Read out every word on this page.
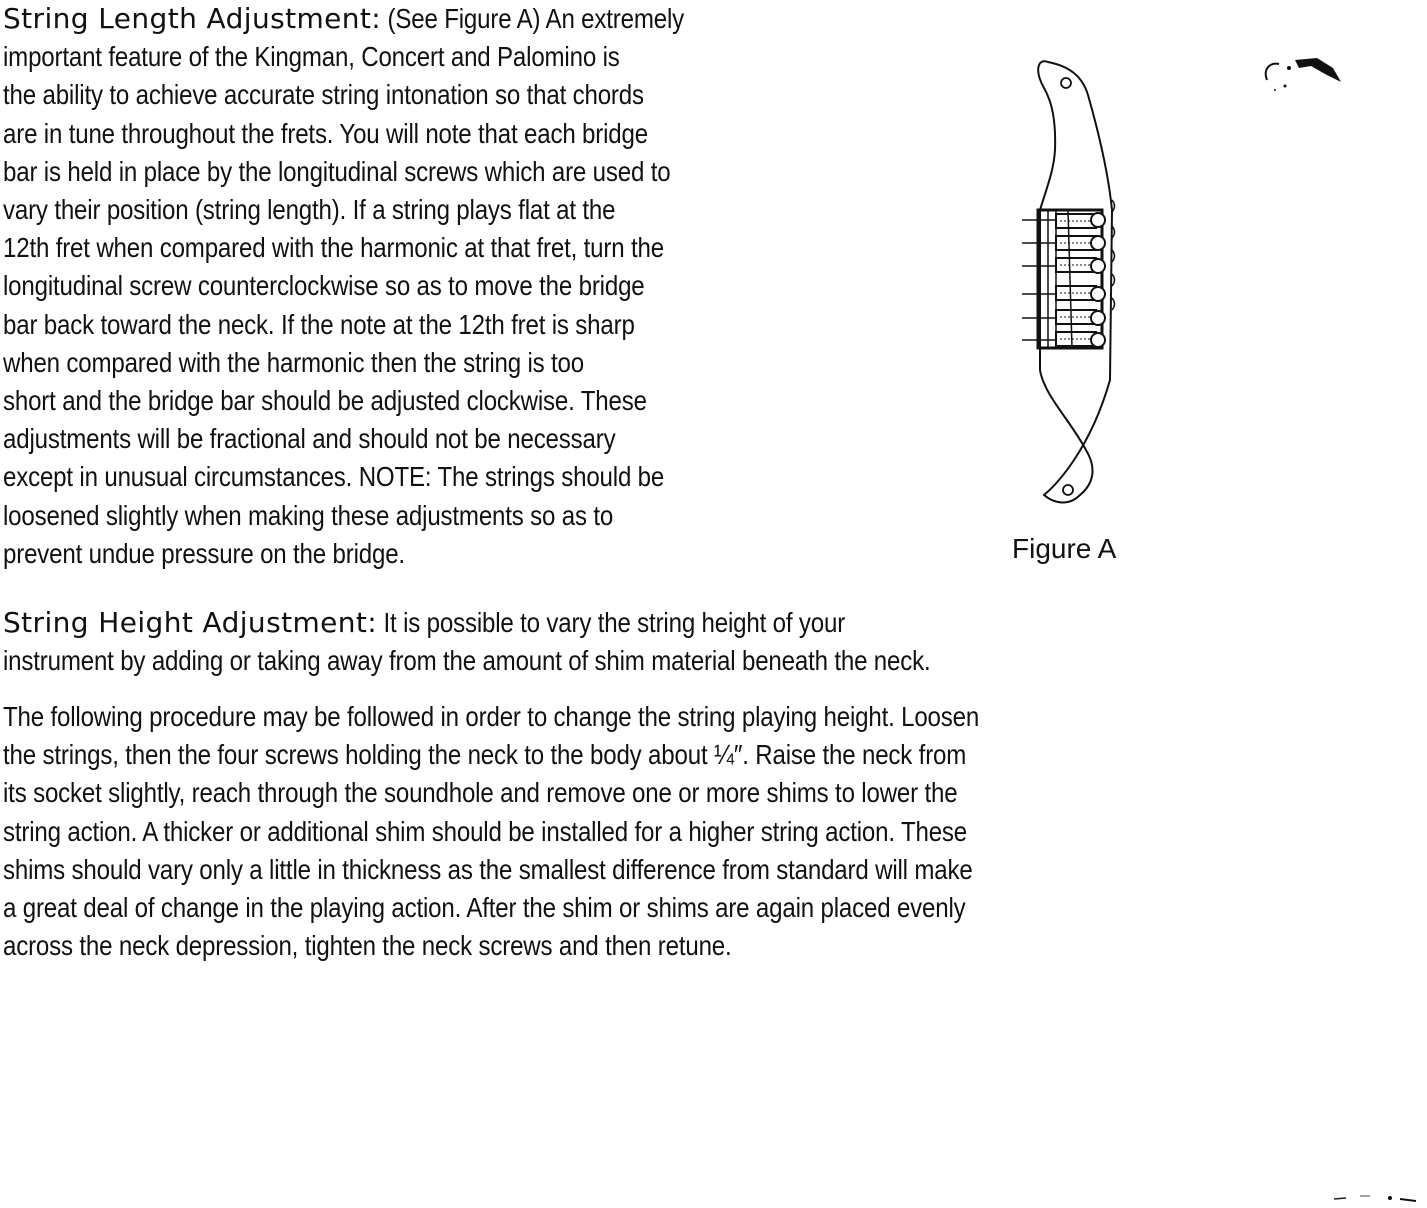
String Length Adjustment: (See Figure A) An extremely
important feature of the Kingman, Concert and Palomino is
the ability to achieve accurate string intonation so that chords
are in tune throughout the frets. You will note that each bridge
bar is held in place by the longitudinal screws which are used to
vary their position (string length). If a string plays flat at the
12th fret when compared with the harmonic at that fret, turn the
longitudinal screw counterclockwise so as to move the bridge
bar back toward the neck. If the note at the 12th fret is sharp
when compared with the harmonic then the string is too
short and the bridge bar should be adjusted clockwise. These
adjustments will be fractional and should not be necessary
except in unusual circumstances. NOTE: The strings should be
loosened slightly when making these adjustments so as to
prevent undue pressure on the bridge.	Figure A
String Height Adjustment: It is possible to vary the string height of your
instrument by adding or taking away from the amount of shim material beneath the neck.
The following procedure may be followed in order to change the string playing height. Loosen
the strings, then the four screws holding the neck to the body about ¼″. Raise the neck from
its socket slightly, reach through the soundhole and remove one or more shims to lower the
string action. A thicker or additional shim should be installed for a higher string action. These
shims should vary only a little in thickness as the smallest difference from standard will make
a great deal of change in the playing action. After the shim or shims are again placed evenly
across the neck depression, tighten the neck screws and then retune.
